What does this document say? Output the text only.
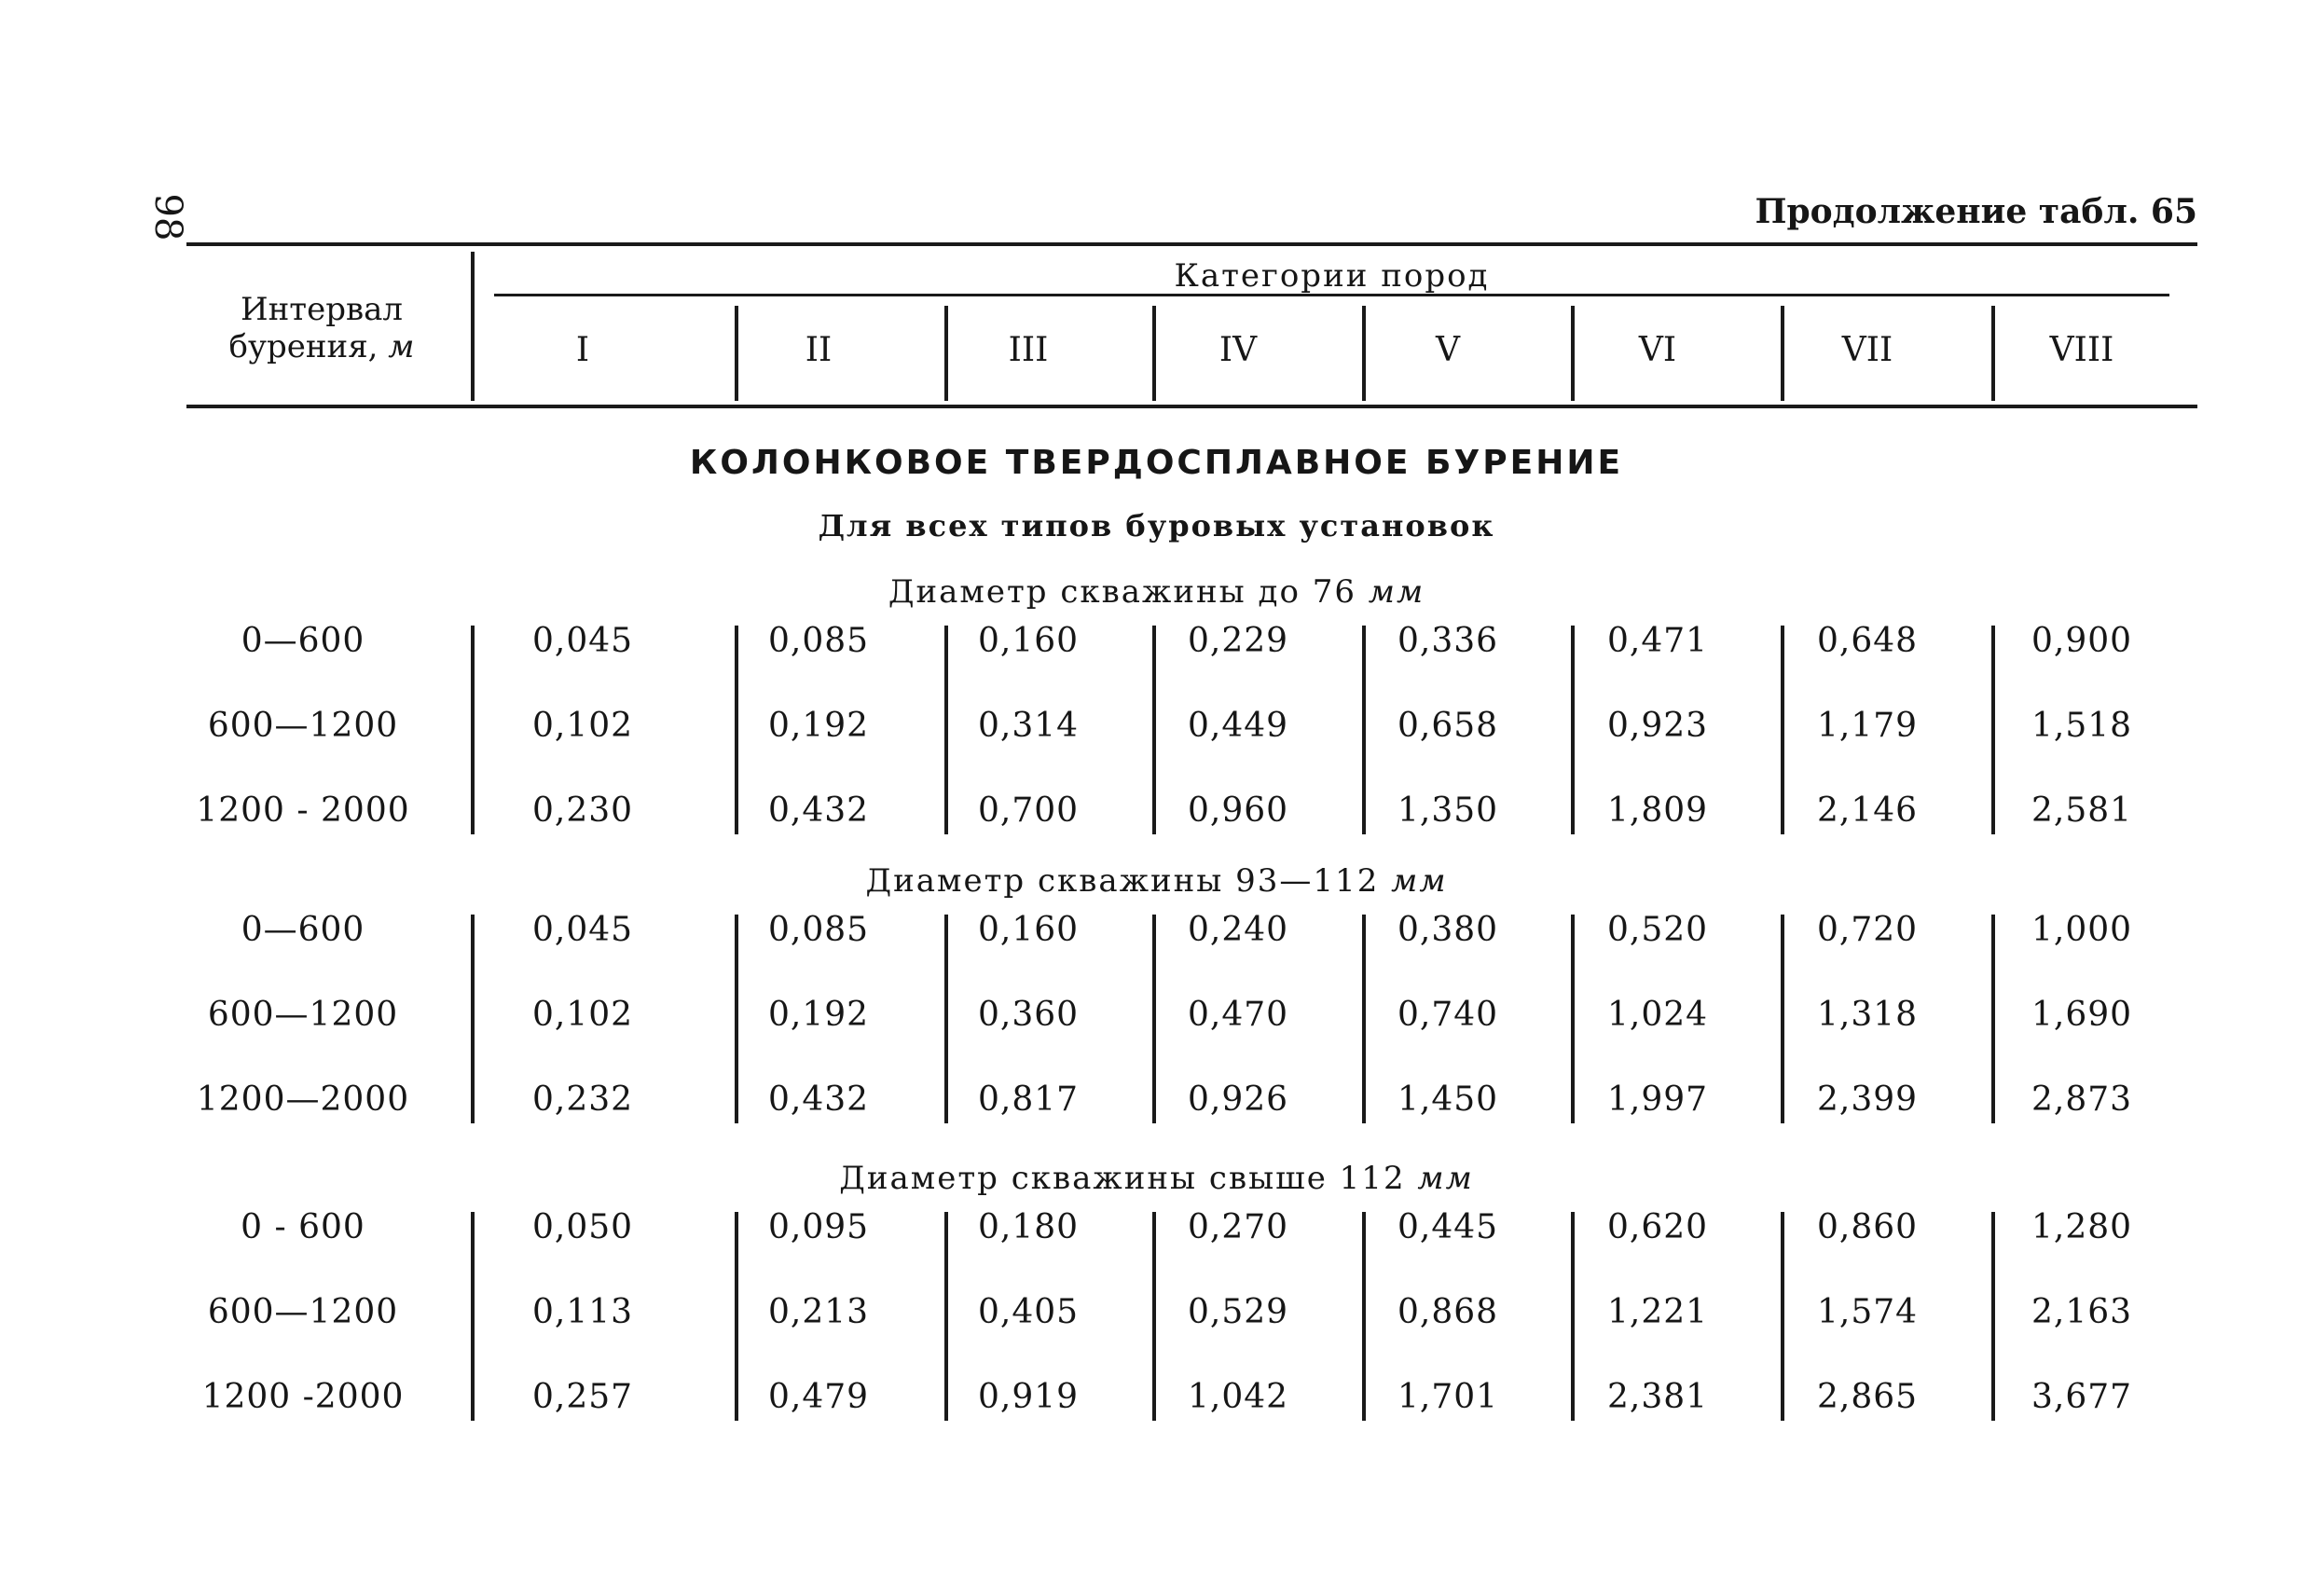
98	Продолжение табл. 65
Интервал
бурения, м
Категории пород
I	II	III	IV	V	VI	VII	VIII
КОЛОНКОВОЕ ТВЕРДОСПЛАВНОЕ БУРЕНИЕ
Для всех типов буровых установок
Диаметр скважины до 76 мм
0—600	0,045	0,085	0,160	0,229	0,336	0,471	0,648	0,900
600—1200	0,102	0,192	0,314	0,449	0,658	0,923	1,179	1,518
1200 - 2000	0,230	0,432	0,700	0,960	1,350	1,809	2,146	2,581
Диаметр скважины 93—112 мм
0—600	0,045	0,085	0,160	0,240	0,380	0,520	0,720	1,000
600—1200	0,102	0,192	0,360	0,470	0,740	1,024	1,318	1,690
1200—2000	0,232	0,432	0,817	0,926	1,450	1,997	2,399	2,873
Диаметр скважины свыше 112 мм
0 - 600	0,050	0,095	0,180	0,270	0,445	0,620	0,860	1,280
600—1200	0,113	0,213	0,405	0,529	0,868	1,221	1,574	2,163
1200 -2000	0,257	0,479	0,919	1,042	1,701	2,381	2,865	3,677
